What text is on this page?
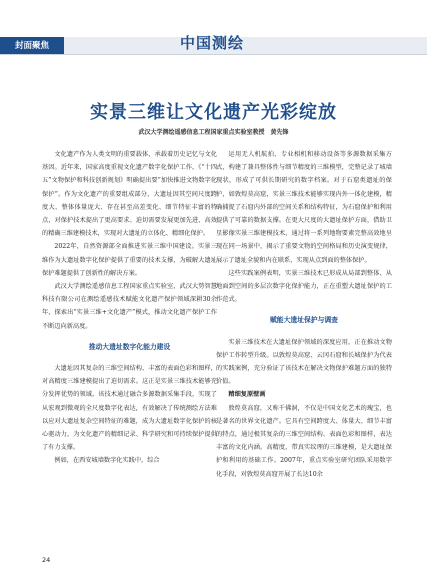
封面聚焦	中国测绘
实景三维让文化遗产光彩绽放
武汉大学测绘遥感信息工程国家重点实验室教授　黄先锋

文化遗产作为人类文明的重要载体，承载着历史记忆与文化基因。近年来，国家高度重视文化遗产数字化保护工作，《“十四五”文物保护和科技创新规划》明确提出要“加快推进文物数字化保护”。作为文化遗产的重要组成部分，大遗址因其空间尺度跨度大、整体体量庞大、存在甚至高差变化、细节特征丰富的特点，对保护技术提出了更高要求。迫切需要发展更加先进、高效的精确三维建模技术，实现对大遗址的立体化、精细化保护。

2022年，自然资源部全面推进实景三维中国建设。实景三维作为大遗址数字化保护提供了重要的技术支撑，为破解大遗址保护难题提供了创新性的解决方案。

武汉大学测绘遥感信息工程国家重点实验室、武汉大势智慧科技有限公司在测绘遥感技术赋能文化遗产保护领域深耕30余年，探索出“实景三维+文化遗产”模式，推动文化遗产保护工作不断迈向新高度。

推动大遗址数字化能力建设

大遗址因其复杂的三维空间结构、丰富的表面色彩和图样，对高精度三维建模提出了迫切需求。这正是实景三维技术能够充分发挥优势的领域。该技术通过融合多源数据采集手段，实现了从宏观到微观的全尺度数字化表达，有效解决了传统测绘方法难以应对大遗址复杂空间特征的难题，成为大遗址数字化保护的核心驱动力，为文化遗产的精细记录、科学研究和可持续保护提供了有力支撑。

例如，在西安城墙数字化实践中，综合

运用无人机航拍、专业相机和移动设备等多源数据采集方式，构建了兼具整体性与细节精度的三维模型，完整记录了城墙现状，形成了可供长期研究的数字档案。对于石窟类遗址的保护，如敦煌莫高窟，实景三维技术能够实现内外一体化建模，精确捕捉了石窟内外部的空间关系和结构特征，为石窟保护和利用提供了可靠的数据支撑。在更大尺度的大遗址保护方面，借助卫星影像实景三维建模技术，通过将一系列地物要素完整高效地呈现在同一场景中，揭示了重要文物的空间格局和历史演变规律，展示了遗址全貌和内在联系，实现从点到面的整体保护。

这些实践案例表明，实景三维技术已形成从局部到整体、从地面到空间的多层次数字化保护能力，正在重塑大遗址保护的工作范式。

赋能大遗址保护与调查

实景三维技术在大遗址保护领域的深度应用，正在推动文物保护工作转型升级。以敦煌莫高窟、云冈石窟和长城保护为代表的实践案例，充分验证了该技术在解决文物保护难题方面的独特价值。

精细复原壁画

敦煌莫高窟，又称千佛洞，不仅是中国文化艺术的瑰宝，也是著名的世界文化遗产。它具有空间跨度大、体量大、细节丰富的特点，通过极其复杂的三维空间结构、表面色彩和图样，表达丰富的文化内涵。高精度、带真实纹理的三维建模，是大遗址保护和利用的基础工作。2007年，重点实验室研究团队采用数字化手段，对敦煌莫高窟开展了长达10余

24
